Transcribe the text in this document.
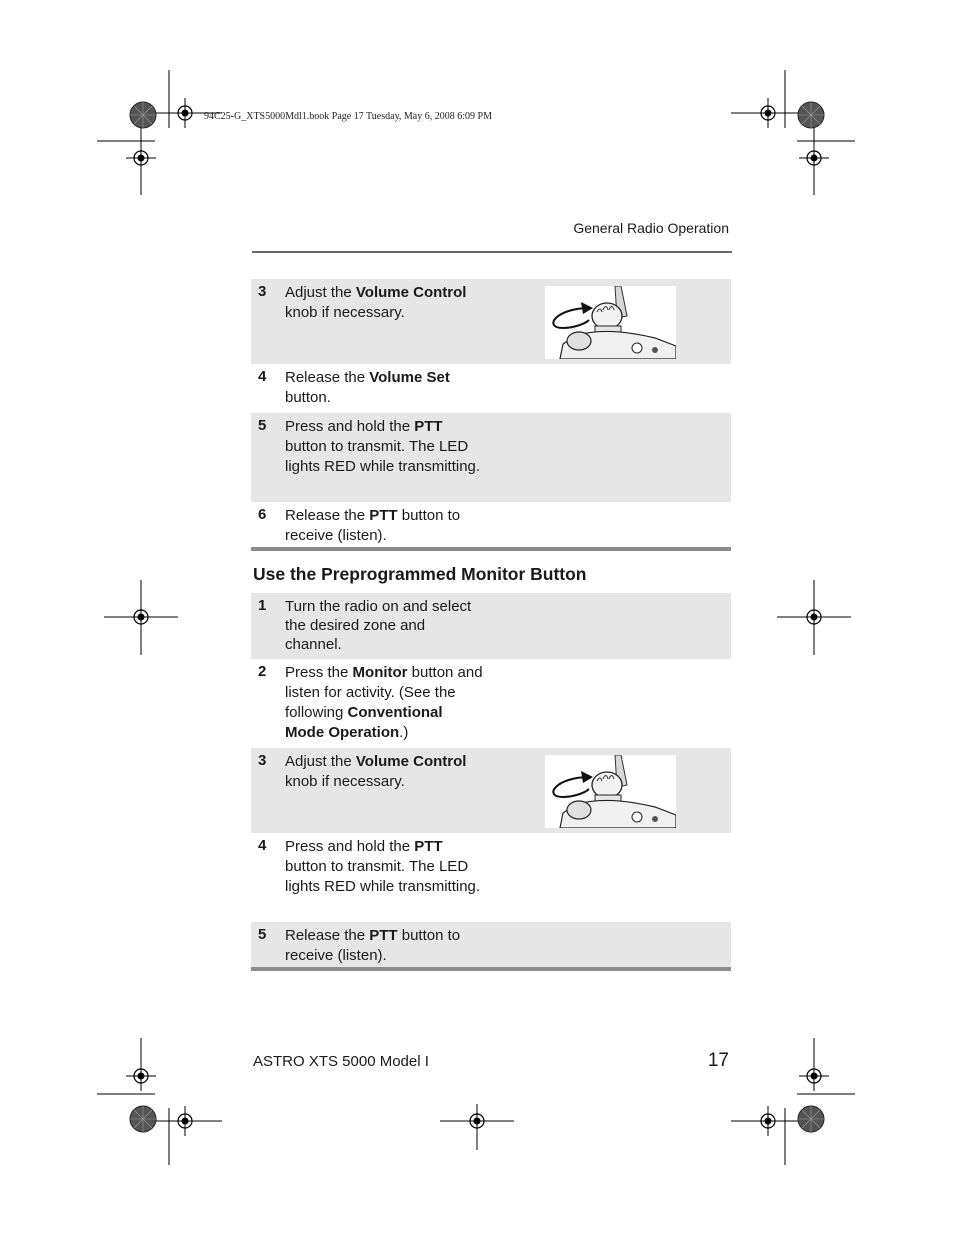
94C25-G_XTS5000Mdl1.book Page 17 Tuesday, May 6, 2008 6:09 PM
General Radio Operation
3 Adjust the Volume Control knob if necessary.
4 Release the Volume Set button.
5 Press and hold the PTT button to transmit. The LED lights RED while transmitting.
6 Release the PTT button to receive (listen).
Use the Preprogrammed Monitor Button
1 Turn the radio on and select the desired zone and channel.
2 Press the Monitor button and listen for activity. (See the following Conventional Mode Operation.)
3 Adjust the Volume Control knob if necessary.
4 Press and hold the PTT button to transmit. The LED lights RED while transmitting.
5 Release the PTT button to receive (listen).
ASTRO XTS 5000 Model I	17
